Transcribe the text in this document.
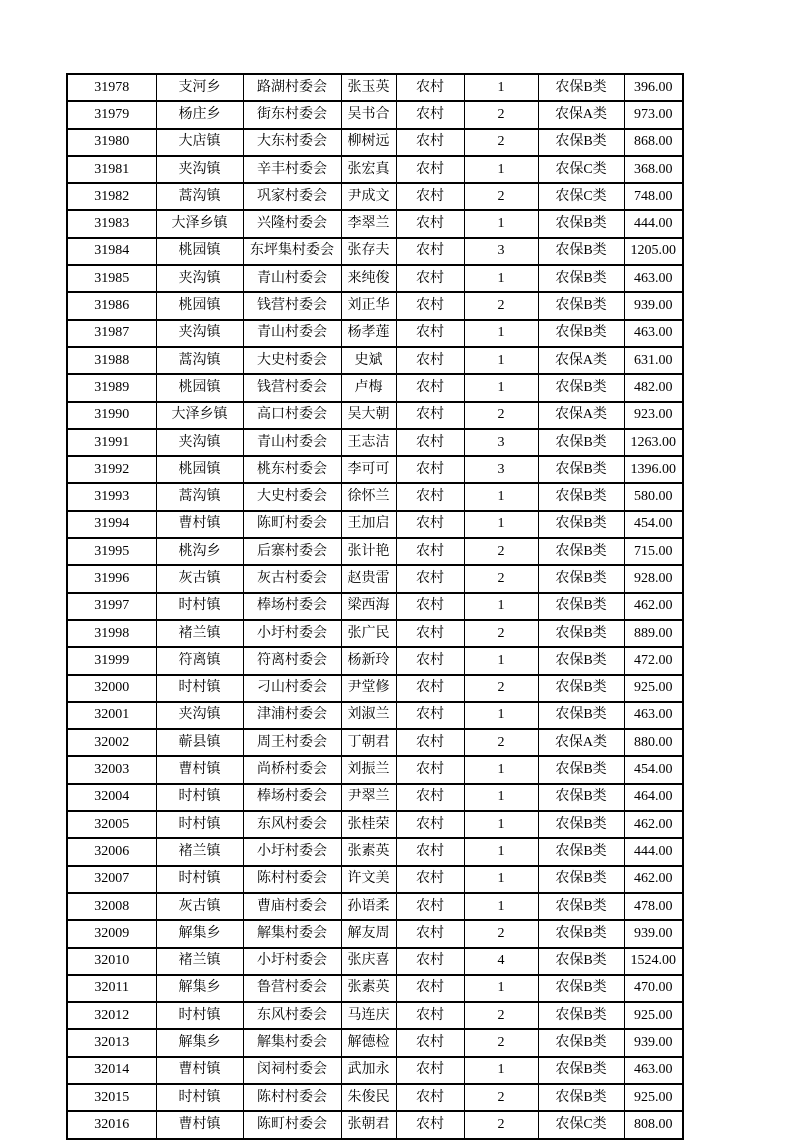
31978	支河乡	路湖村委会	张玉英	农村	1	农保B类	396.00
31979	杨庄乡	街东村委会	吴书合	农村	2	农保A类	973.00
31980	大店镇	大东村委会	柳树远	农村	2	农保B类	868.00
31981	夹沟镇	辛丰村委会	张宏真	农村	1	农保C类	368.00
31982	蒿沟镇	巩家村委会	尹成文	农村	2	农保C类	748.00
31983	大泽乡镇	兴隆村委会	李翠兰	农村	1	农保B类	444.00
31984	桃园镇	东坪集村委会	张存夫	农村	3	农保B类	1205.00
31985	夹沟镇	青山村委会	来纯俊	农村	1	农保B类	463.00
31986	桃园镇	钱营村委会	刘正华	农村	2	农保B类	939.00
31987	夹沟镇	青山村委会	杨孝莲	农村	1	农保B类	463.00
31988	蒿沟镇	大史村委会	史斌	农村	1	农保A类	631.00
31989	桃园镇	钱营村委会	卢梅	农村	1	农保B类	482.00
31990	大泽乡镇	高口村委会	吴大朝	农村	2	农保A类	923.00
31991	夹沟镇	青山村委会	王志洁	农村	3	农保B类	1263.00
31992	桃园镇	桃东村委会	李可可	农村	3	农保B类	1396.00
31993	蒿沟镇	大史村委会	徐怀兰	农村	1	农保B类	580.00
31994	曹村镇	陈町村委会	王加启	农村	1	农保B类	454.00
31995	桃沟乡	后寨村委会	张计艳	农村	2	农保B类	715.00
31996	灰古镇	灰古村委会	赵贵雷	农村	2	农保B类	928.00
31997	时村镇	棒场村委会	梁西海	农村	1	农保B类	462.00
31998	褚兰镇	小圩村委会	张广民	农村	2	农保B类	889.00
31999	符离镇	符离村委会	杨新玲	农村	1	农保B类	472.00
32000	时村镇	刁山村委会	尹堂修	农村	2	农保B类	925.00
32001	夹沟镇	津浦村委会	刘淑兰	农村	1	农保B类	463.00
32002	蕲县镇	周王村委会	丁朝君	农村	2	农保A类	880.00
32003	曹村镇	尚桥村委会	刘振兰	农村	1	农保B类	454.00
32004	时村镇	棒场村委会	尹翠兰	农村	1	农保B类	464.00
32005	时村镇	东风村委会	张桂荣	农村	1	农保B类	462.00
32006	褚兰镇	小圩村委会	张素英	农村	1	农保B类	444.00
32007	时村镇	陈村村委会	许文美	农村	1	农保B类	462.00
32008	灰古镇	曹庙村委会	孙语柔	农村	1	农保B类	478.00
32009	解集乡	解集村委会	解友周	农村	2	农保B类	939.00
32010	褚兰镇	小圩村委会	张庆喜	农村	4	农保B类	1524.00
32011	解集乡	鲁营村委会	张素英	农村	1	农保B类	470.00
32012	时村镇	东风村委会	马连庆	农村	2	农保B类	925.00
32013	解集乡	解集村委会	解德检	农村	2	农保B类	939.00
32014	曹村镇	闵祠村委会	武加永	农村	1	农保B类	463.00
32015	时村镇	陈村村委会	朱俊民	农村	2	农保B类	925.00
32016	曹村镇	陈町村委会	张朝君	农村	2	农保C类	808.00
